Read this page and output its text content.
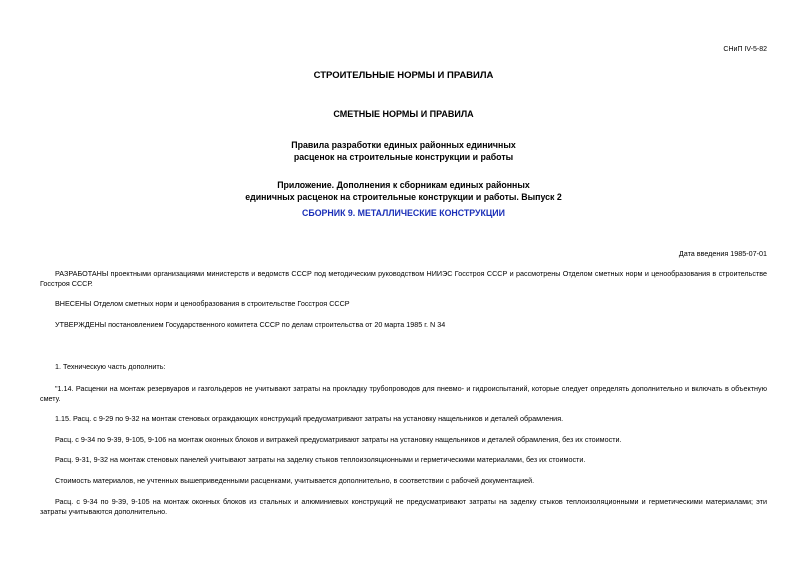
СНиП IV-5-82
СТРОИТЕЛЬНЫЕ НОРМЫ И ПРАВИЛА
СМЕТНЫЕ НОРМЫ И ПРАВИЛА
Правила разработки единых районных единичных
расценок на строительные конструкции и работы
Приложение. Дополнения к сборникам единых районных
единичных расценок на строительные конструкции и работы. Выпуск 2
СБОРНИК 9. МЕТАЛЛИЧЕСКИЕ КОНСТРУКЦИИ
Дата введения 1985-07-01
РАЗРАБОТАНЫ проектными организациями министерств и ведомств СССР под методическим руководством НИИЭС Госстроя СССР и рассмотрены Отделом сметных норм и ценообразования в строительстве Госстроя СССР.
ВНЕСЕНЫ Отделом сметных норм и ценообразования в строительстве Госстроя СССР
УТВЕРЖДЕНЫ постановлением Государственного комитета СССР по делам строительства от 20 марта 1985 г. N 34
1. Техническую часть дополнить:
"1.14. Расценки на монтаж резервуаров и газгольдеров не учитывают затраты на прокладку трубопроводов для пневмо- и гидроиспытаний, которые следует определять дополнительно и включать в объектную смету.
1.15. Расц. с 9-29 по 9-32 на монтаж стеновых ограждающих конструкций предусматривают затраты на установку нащельников и деталей обрамления.
Расц. с 9-34 по 9-39, 9-105, 9-106 на монтаж оконных блоков и витражей предусматривают затраты на установку нащельников и деталей обрамления, без их стоимости.
Расц. 9-31, 9-32 на монтаж стеновых панелей учитывают затраты на заделку стыков теплоизоляционными и герметическими материалами, без их стоимости.
Стоимость материалов, не учтенных вышеприведенными расценками, учитывается дополнительно, в соответствии с рабочей документацией.
Расц. с 9-34 по 9-39, 9-105 на монтаж оконных блоков из стальных и алюминиевых конструкций не предусматривают затраты на заделку стыков теплоизоляционными и герметическими материалами; эти затраты учитываются дополнительно.
